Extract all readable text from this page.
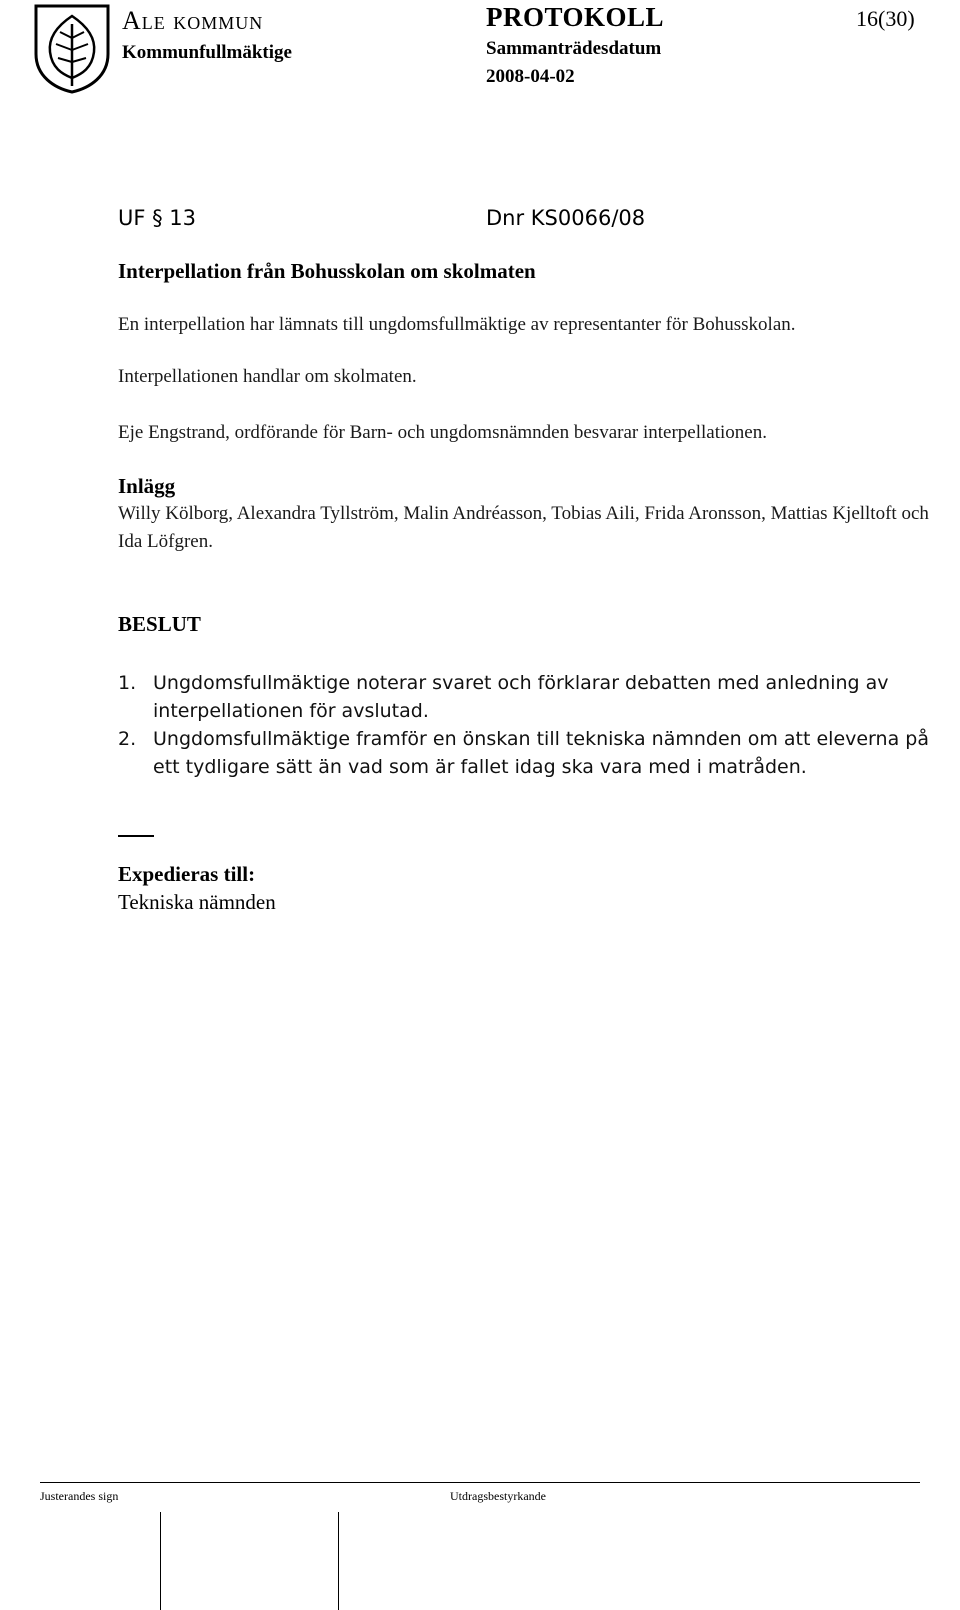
Ale kommun
Kommunfullmäktige
PROTOKOLL
Sammanträdesdatum
2008-04-02
16(30)
UF § 13	Dnr KS0066/08
Interpellation från Bohusskolan om skolmaten
En interpellation har lämnats till ungdomsfullmäktige av representanter för Bohusskolan.
Interpellationen handlar om skolmaten.
Eje Engstrand, ordförande för Barn- och ungdomsnämnden besvarar interpellationen.
Inlägg
Willy Kölborg, Alexandra Tyllström, Malin Andréasson, Tobias Aili, Frida Aronsson, Mattias Kjelltoft och Ida Löfgren.
BESLUT
1. Ungdomsfullmäktige noterar svaret och förklarar debatten med anledning av interpellationen för avslutad.
2. Ungdomsfullmäktige framför en önskan till tekniska nämnden om att eleverna på ett tydligare sätt än vad som är fallet idag ska vara med i matråden.
Expedieras till:
Tekniska nämnden
Justerandes sign	Utdragsbestyrkande
